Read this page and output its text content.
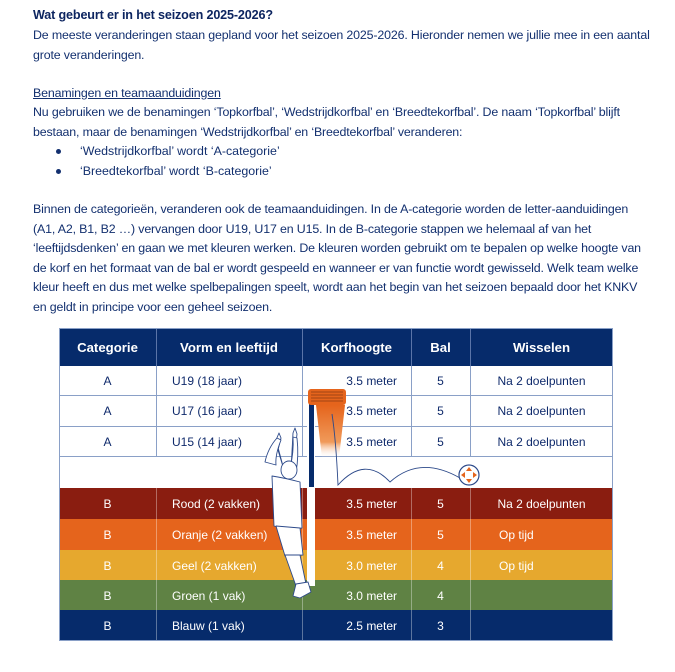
Wat gebeurt er in het seizoen 2025-2026?
De meeste veranderingen staan gepland voor het seizoen 2025-2026. Hieronder nemen we jullie mee in een aantal grote veranderingen.
Benamingen en teamaanduidingen
Nu gebruiken we de benamingen ‘Topkorfbal’, ‘Wedstrijdkorfbal’ en ‘Breedtekorfbal’. De naam ‘Topkorfbal’ blijft bestaan, maar de benamingen ‘Wedstrijdkorfbal’ en ‘Breedtekorfbal’ veranderen:
‘Wedstrijdkorfbal’ wordt ‘A-categorie’
‘Breedtekorfbal’ wordt ‘B-categorie’
Binnen de categorieën, veranderen ook de teamaanduidingen. In de A-categorie worden de letter-aanduidingen (A1, A2, B1, B2 …) vervangen door U19, U17 en U15. In de B-categorie stappen we helemaal af van het ‘leeftijdsdenken’ en gaan we met kleuren werken. De kleuren worden gebruikt om te bepalen op welke hoogte van de korf en het formaat van de bal er wordt gespeeld en wanneer er van functie wordt gewisseld. Welk team welke kleur heeft en dus met welke spelbepalingen speelt, wordt aan het begin van het seizoen bepaald door het KNKV en geldt in principe voor een geheel seizoen.
Categorie	Vorm en leeftijd	Korfhoogte	Bal	Wisselen
A	U19 (18 jaar)	3.5 meter	5	Na 2 doelpunten
A	U17 (16 jaar)	3.5 meter	5	Na 2 doelpunten
A	U15 (14 jaar)	3.5 meter	5	Na 2 doelpunten
B	Rood (2 vakken)	3.5 meter	5	Na 2 doelpunten
B	Oranje (2 vakken)	3.5 meter	5	Op tijd
B	Geel (2 vakken)	3.0 meter	4	Op tijd
B	Groen (1 vak)	3.0 meter	4
B	Blauw (1 vak)	2.5 meter	3
